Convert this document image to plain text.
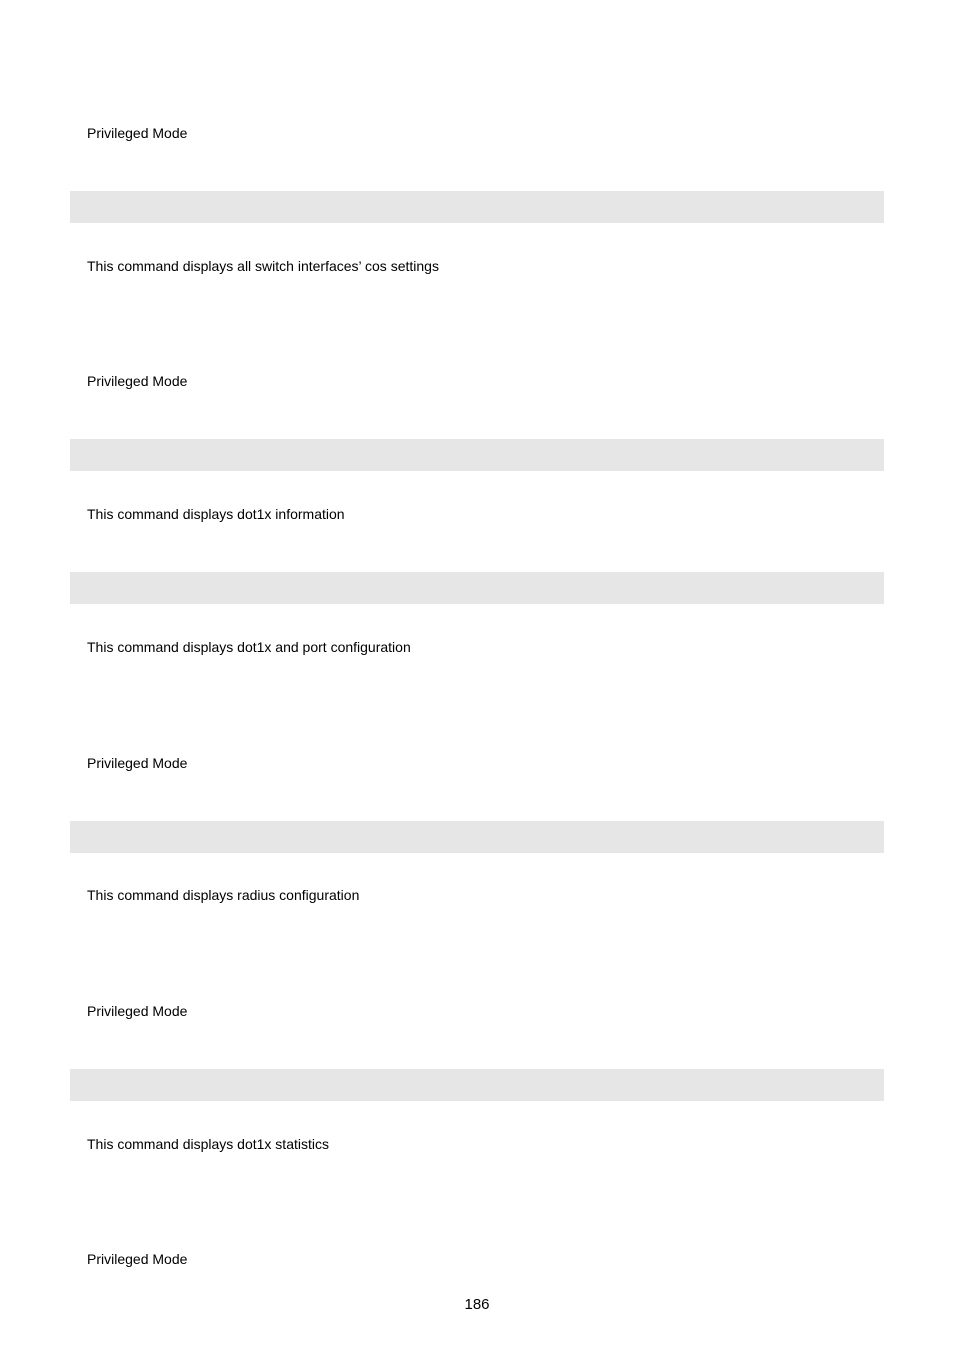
Privileged Mode
This command displays all switch interfaces’ cos settings
Privileged Mode
This command displays dot1x information
This command displays dot1x and port configuration
Privileged Mode
This command displays radius configuration
Privileged Mode
This command displays dot1x statistics
Privileged Mode
186
